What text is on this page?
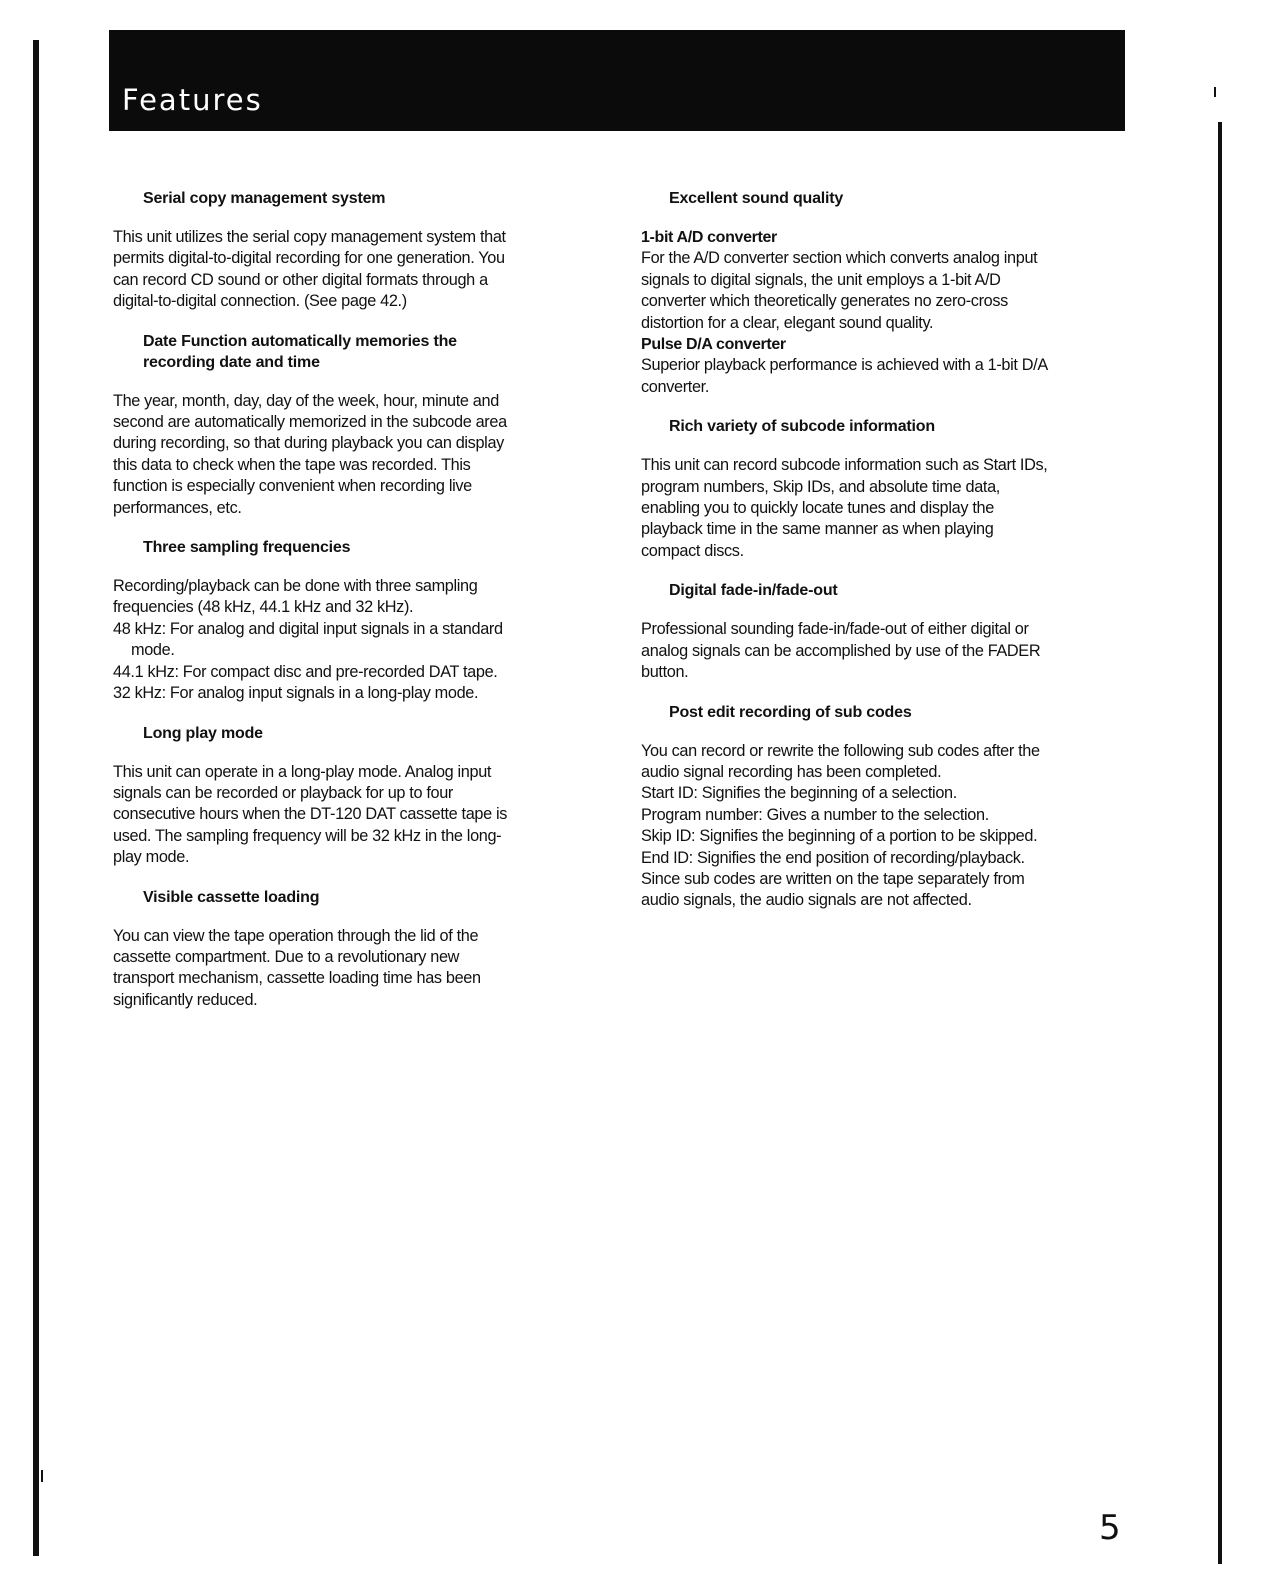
Features
Serial copy management system
This unit utilizes the serial copy management system that
permits digital-to-digital recording for one generation. You
can record CD sound or other digital formats through a
digital-to-digital connection. (See page 42.)
Date Function automatically memories the
recording date and time
The year, month, day, day of the week, hour, minute and
second are automatically memorized in the subcode area
during recording, so that during playback you can display
this data to check when the tape was recorded. This
function is especially convenient when recording live
performances, etc.
Three sampling frequencies
Recording/playback can be done with three sampling
frequencies (48 kHz, 44.1 kHz and 32 kHz).
48 kHz: For analog and digital input signals in a standard
mode.
44.1 kHz: For compact disc and pre-recorded DAT tape.
32 kHz: For analog input signals in a long-play mode.
Long play mode
This unit can operate in a long-play mode. Analog input
signals can be recorded or playback for up to four
consecutive hours when the DT-120 DAT cassette tape is
used. The sampling frequency will be 32 kHz in the long-
play mode.
Visible cassette loading
You can view the tape operation through the lid of the
cassette compartment. Due to a revolutionary new
transport mechanism, cassette loading time has been
significantly reduced.
Excellent sound quality
1-bit A/D converter
For the A/D converter section which converts analog input
signals to digital signals, the unit employs a 1-bit A/D
converter which theoretically generates no zero-cross
distortion for a clear, elegant sound quality.
Pulse D/A converter
Superior playback performance is achieved with a 1-bit D/A
converter.
Rich variety of subcode information
This unit can record subcode information such as Start IDs,
program numbers, Skip IDs, and absolute time data,
enabling you to quickly locate tunes and display the
playback time in the same manner as when playing
compact discs.
Digital fade-in/fade-out
Professional sounding fade-in/fade-out of either digital or
analog signals can be accomplished by use of the FADER
button.
Post edit recording of sub codes
You can record or rewrite the following sub codes after the
audio signal recording has been completed.
Start ID: Signifies the beginning of a selection.
Program number: Gives a number to the selection.
Skip ID: Signifies the beginning of a portion to be skipped.
End ID: Signifies the end position of recording/playback.
Since sub codes are written on the tape separately from
audio signals, the audio signals are not affected.
5
